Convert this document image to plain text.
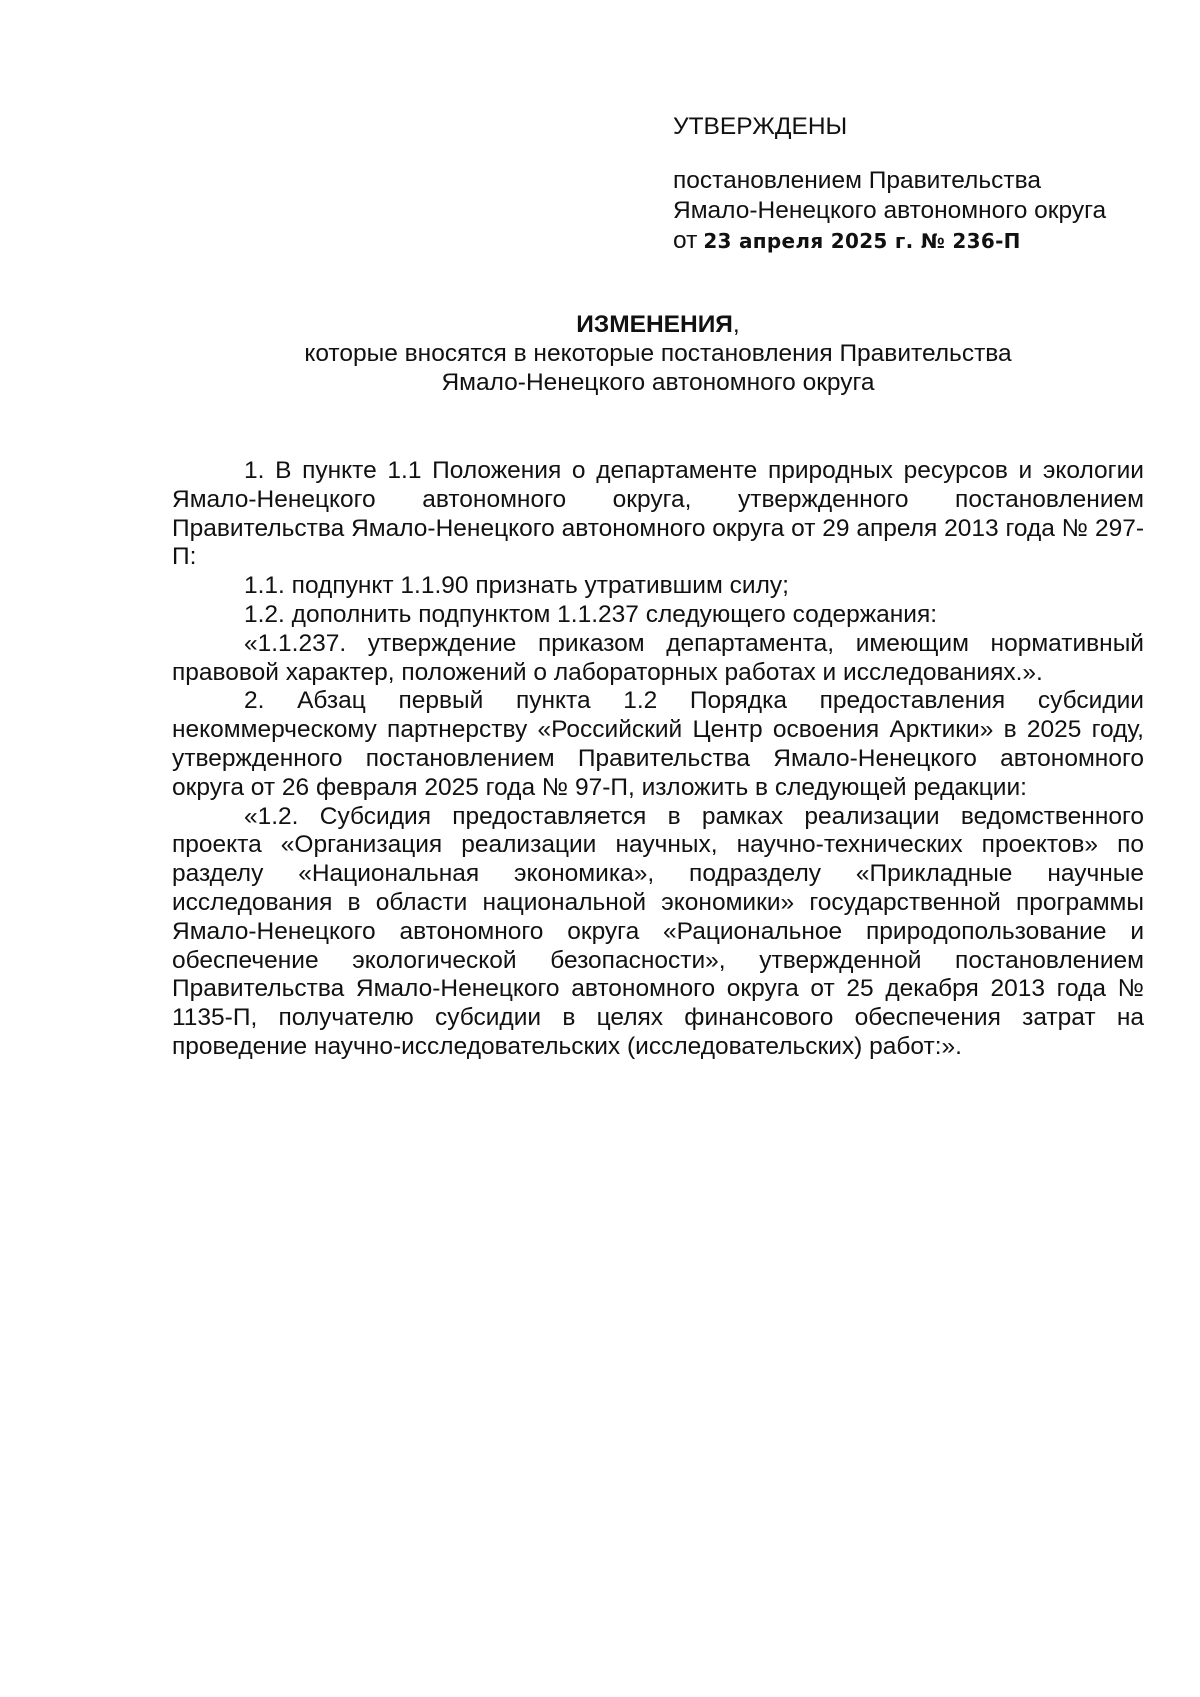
УТВЕРЖДЕНЫ
постановлением Правительства
Ямало-Ненецкого автономного округа
от 23 апреля 2025 г. № 236-П
ИЗМЕНЕНИЯ,
которые вносятся в некоторые постановления Правительства
Ямало-Ненецкого автономного округа

1. В пункте 1.1 Положения о департаменте природных ресурсов и экологии Ямало-Ненецкого автономного округа, утвержденного постановлением Правительства Ямало-Ненецкого автономного округа от 29 апреля 2013 года № 297-П:

1.1. подпункт 1.1.90 признать утратившим силу;

1.2. дополнить подпунктом 1.1.237 следующего содержания:

«1.1.237. утверждение приказом департамента, имеющим нормативный правовой характер, положений о лабораторных работах и исследованиях.».

2. Абзац первый пункта 1.2 Порядка предоставления субсидии некоммерческому партнерству «Российский Центр освоения Арктики» в 2025 году, утвержденного постановлением Правительства Ямало-Ненецкого автономного округа от 26 февраля 2025 года № 97-П, изложить в следующей редакции:

«1.2. Субсидия предоставляется в рамках реализации ведомственного проекта «Организация реализации научных, научно-технических проектов» по разделу «Национальная экономика», подразделу «Прикладные научные исследования в области национальной экономики» государственной программы Ямало-Ненецкого автономного округа «Рациональное природопользование и обеспечение экологической безопасности», утвержденной постановлением Правительства Ямало-Ненецкого автономного округа от 25 декабря 2013 года № 1135-П, получателю субсидии в целях финансового обеспечения затрат на проведение научно-исследовательских (исследовательских) работ:».
